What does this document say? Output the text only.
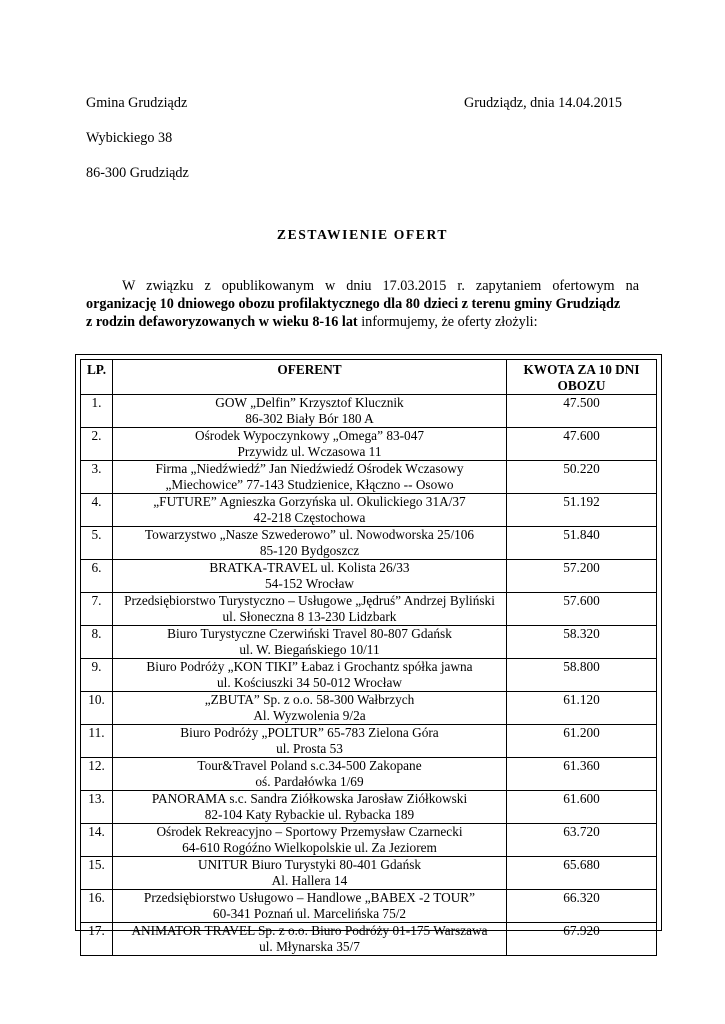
Gmina Grudziądz
Wybickiego 38
86-300 Grudziądz
Grudziądz, dnia 14.04.2015
ZESTAWIENIE OFERT
W związku z opublikowanym w dniu 17.03.2015 r. zapytaniem ofertowym na
organizację 10 dniowego obozu profilaktycznego dla 80 dzieci z terenu gminy Grudziądz
z rodzin defaworyzowanych w wieku 8-16 lat informujemy, że oferty złożyli:
LP.	OFERENT	KWOTA ZA 10 DNI OBOZU
1.	GOW „Delfin” Krzysztof Klucznik
86-302 Biały Bór 180 A	47.500
2.	Ośrodek Wypoczynkowy „Omega” 83-047
Przywidz ul. Wczasowa 11	47.600
3.	Firma „Niedźwiedź” Jan Niedźwiedź Ośrodek Wczasowy
„Miechowice” 77-143 Studzienice, Kłączno -- Osowo	50.220
4.	„FUTURE” Agnieszka Gorzyńska ul. Okulickiego 31A/37
42-218 Częstochowa	51.192
5.	Towarzystwo „Nasze Szwederowo” ul. Nowodworska 25/106
85-120 Bydgoszcz	51.840
6.	BRATKA-TRAVEL ul. Kolista 26/33
54-152 Wrocław	57.200
7.	Przedsiębiorstwo Turystyczno – Usługowe „Jędruś” Andrzej Byliński
ul. Słoneczna 8 13-230 Lidzbark	57.600
8.	Biuro Turystyczne Czerwiński Travel 80-807 Gdańsk
ul. W. Biegańskiego 10/11	58.320
9.	Biuro Podróży „KON TIKI” Łabaz i Grochantz spółka jawna
ul. Kościuszki 34 50-012 Wrocław	58.800
10.	„ZBUTA” Sp. z o.o. 58-300 Wałbrzych
Al. Wyzwolenia 9/2a	61.120
11.	Biuro Podróży „POLTUR” 65-783 Zielona Góra
ul. Prosta 53	61.200
12.	Tour&Travel Poland s.c.34-500 Zakopane
oś. Pardałówka 1/69	61.360
13.	PANORAMA s.c. Sandra Ziółkowska Jarosław Ziółkowski
82-104 Katy Rybackie ul. Rybacka 189	61.600
14.	Ośrodek Rekreacyjno – Sportowy Przemysław Czarnecki
64-610 Rogóźno Wielkopolskie ul. Za Jeziorem	63.720
15.	UNITUR Biuro Turystyki 80-401 Gdańsk
Al. Hallera 14	65.680
16.	Przedsiębiorstwo Usługowo – Handlowe „BABEX -2 TOUR”
60-341 Poznań ul. Marcelińska 75/2	66.320
17.	ANIMATOR TRAVEL Sp. z o.o. Biuro Podróży 01-175 Warszawa
ul. Młynarska 35/7	67.920
